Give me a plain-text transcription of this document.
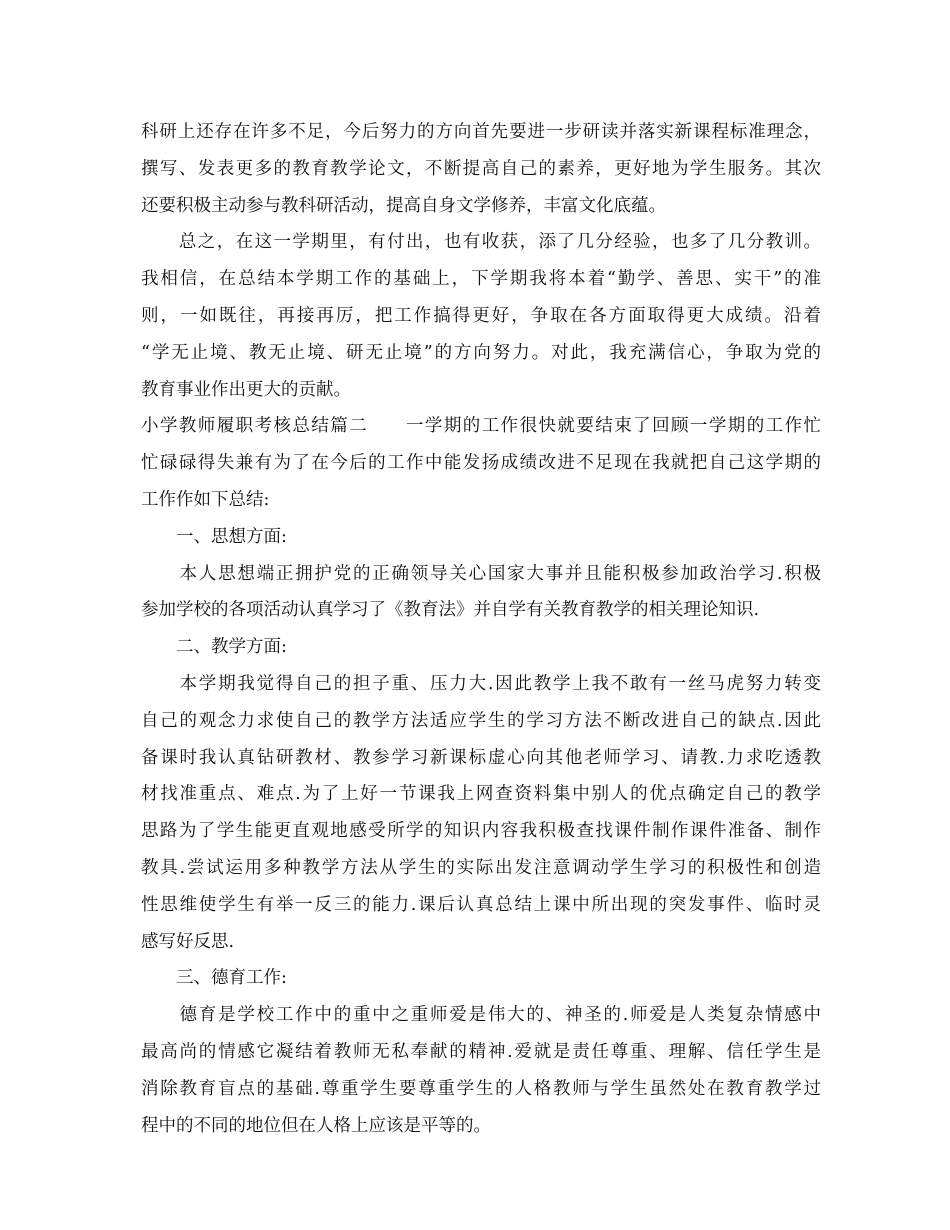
科研上还存在许多不足，今后努力的方向首先要进一步研读并落实新课程标准理念，
撰写、发表更多的教育教学论文，不断提高自己的素养，更好地为学生服务。其次
还要积极主动参与教科研活动，提高自身文学修养，丰富文化底蕴。
　　总之，在这一学期里，有付出，也有收获，添了几分经验，也多了几分教训。
我相信，在总结本学期工作的基础上，下学期我将本着“勤学、善思、实干”的准
则，一如既往，再接再厉，把工作搞得更好，争取在各方面取得更大成绩。沿着
“学无止境、教无止境、研无止境”的方向努力。对此，我充满信心，争取为党的
教育事业作出更大的贡献。
小学教师履职考核总结篇二　　一学期的工作很快就要结束了回顾一学期的工作忙
忙碌碌得失兼有为了在今后的工作中能发扬成绩改进不足现在我就把自己这学期的
工作作如下总结:
　　一、思想方面:
　　本人思想端正拥护党的正确领导关心国家大事并且能积极参加政治学习.积极
参加学校的各项活动认真学习了《教育法》并自学有关教育教学的相关理论知识.
　　二、教学方面:
　　本学期我觉得自己的担子重、压力大.因此教学上我不敢有一丝马虎努力转变
自己的观念力求使自己的教学方法适应学生的学习方法不断改进自己的缺点.因此
备课时我认真钻研教材、教参学习新课标虚心向其他老师学习、请教.力求吃透教
材找准重点、难点.为了上好一节课我上网查资料集中别人的优点确定自己的教学
思路为了学生能更直观地感受所学的知识内容我积极查找课件制作课件准备、制作
教具.尝试运用多种教学方法从学生的实际出发注意调动学生学习的积极性和创造
性思维使学生有举一反三的能力.课后认真总结上课中所出现的突发事件、临时灵
感写好反思.
　　三、德育工作:
　　德育是学校工作中的重中之重师爱是伟大的、神圣的.师爱是人类复杂情感中
最高尚的情感它凝结着教师无私奉献的精神.爱就是责任尊重、理解、信任学生是
消除教育盲点的基础.尊重学生要尊重学生的人格教师与学生虽然处在教育教学过
程中的不同的地位但在人格上应该是平等的。
